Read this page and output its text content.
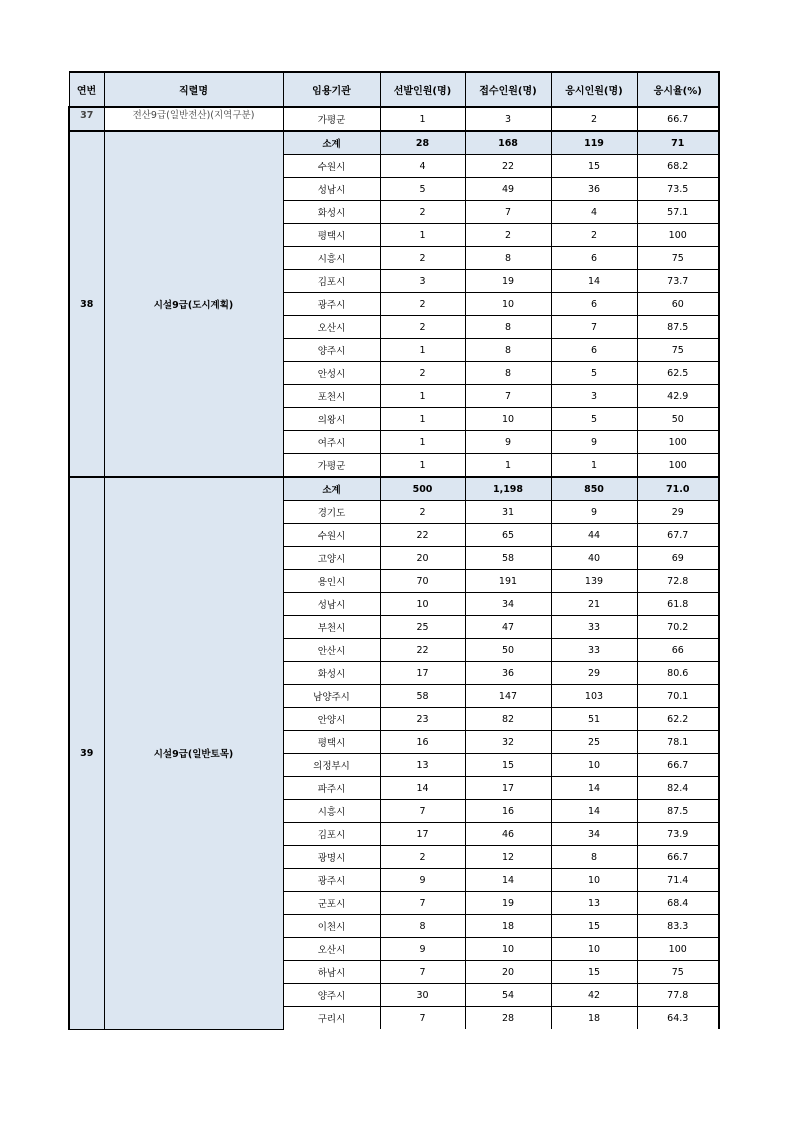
연번	직렬명	임용기관	선발인원(명)	접수인원(명)	응시인원(명)	응시율(%)

37	전산9급(일반전산)(지역구분)	가평군	1	3	2	66.7
38	시설9급(도시계획)	소계	28	168	119	71
		수원시	4	22	15	68.2
		성남시	5	49	36	73.5
		화성시	2	7	4	57.1
		평택시	1	2	2	100
		시흥시	2	8	6	75
		김포시	3	19	14	73.7
		광주시	2	10	6	60
		오산시	2	8	7	87.5
		양주시	1	8	6	75
		안성시	2	8	5	62.5
		포천시	1	7	3	42.9
		의왕시	1	10	5	50
		여주시	1	9	9	100
		가평군	1	1	1	100
39	시설9급(일반토목)	소계	500	1,198	850	71.0
		경기도	2	31	9	29
		수원시	22	65	44	67.7
		고양시	20	58	40	69
		용인시	70	191	139	72.8
		성남시	10	34	21	61.8
		부천시	25	47	33	70.2
		안산시	22	50	33	66
		화성시	17	36	29	80.6
		남양주시	58	147	103	70.1
		안양시	23	82	51	62.2
		평택시	16	32	25	78.1
		의정부시	13	15	10	66.7
		파주시	14	17	14	82.4
		시흥시	7	16	14	87.5
		김포시	17	46	34	73.9
		광명시	2	12	8	66.7
		광주시	9	14	10	71.4
		군포시	7	19	13	68.4
		이천시	8	18	15	83.3
		오산시	9	10	10	100
		하남시	7	20	15	75
		양주시	30	54	42	77.8
		구리시	7	28	18	64.3
